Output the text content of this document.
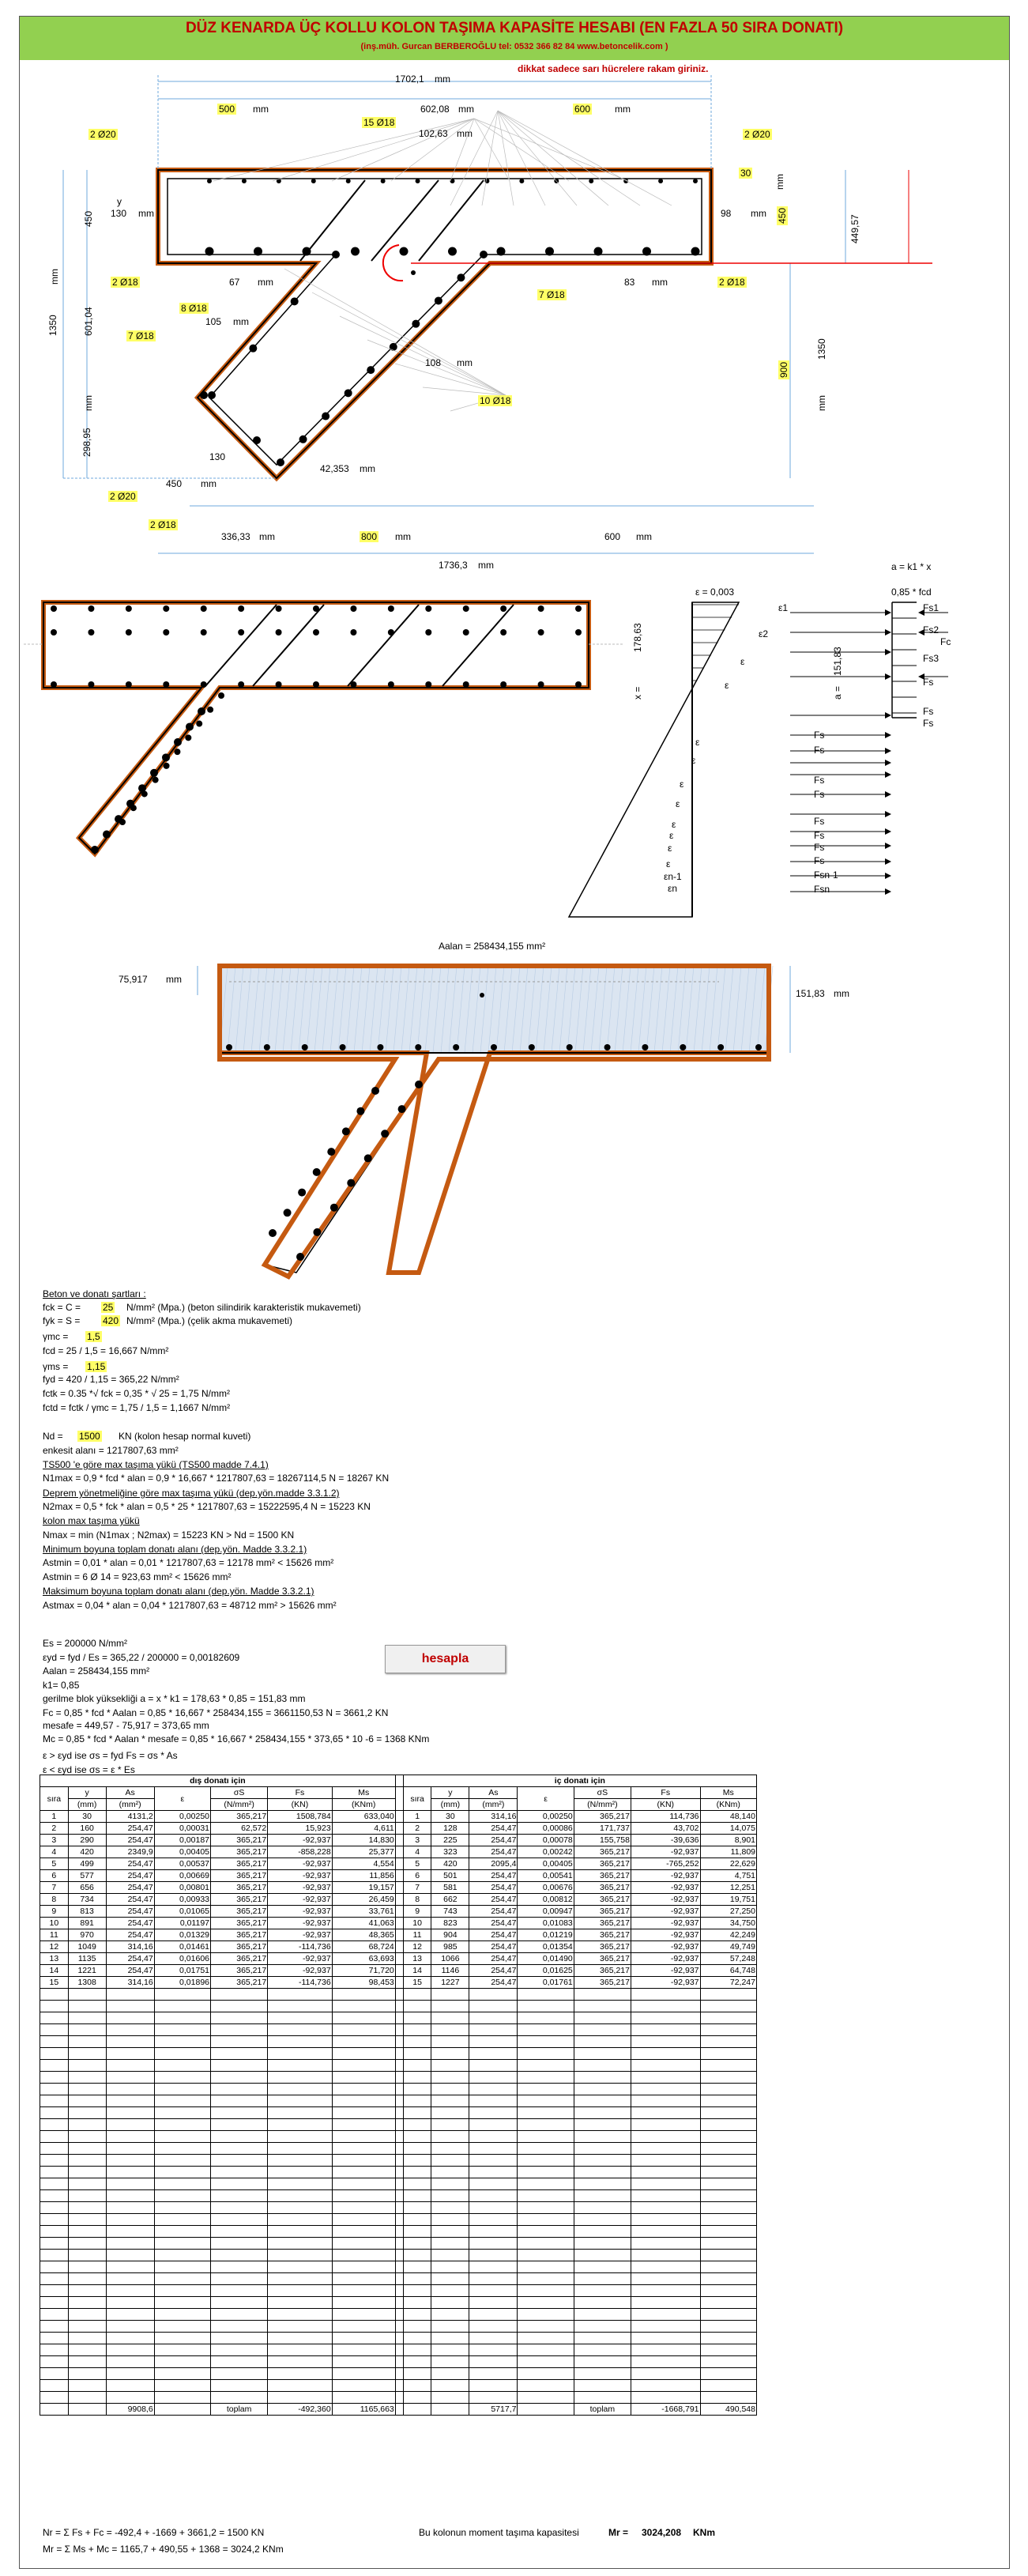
DÜZ KENARDA ÜÇ KOLLU KOLON TAŞIMA KAPASİTE HESABI (EN FAZLA 50 SIRA DONATI)
(inş.müh. Gurcan BERBEROĞLU tel: 0532 366 82 84 www.betoncelik.com )
dikkat sadece sarı hücrelere rakam giriniz.
1702,1 mm
500 mm	602,08 mm	600	mm
15 Ø18
102,63 mm
2 Ø20	2 Ø20
30
mm
450
y
130 mm	98 mm 450	449,57
1350
mm
601,04
2 Ø18	67 mm
8 Ø18
105 mm
7 Ø18
7 Ø18
83 mm	2 Ø18
108 mm
10 Ø18
900
1350
mm
298,95
mm
130
450 mm
42,353 mm
2 Ø20
2 Ø18
336,33 mm	800 mm	600 mm
1736,3 mm
ε = 0,003
a = k1 * x
0,85 * fcd
ε1
ε2
ε
ε
x =
178,63
a =
151,83
Fs1
Fs2
Fc
Fs3
Fs
Fs
Fs
ε
ε
ε
ε
ε
ε
ε
ε
εn-1
εn
Fs
Fs
Fs
Fs
Fs
Fs
Fs
Fs
Fsn-1
Fsn
Aalan = 258434,155 mm²
75,917 mm
151,83 mm
Beton ve donatı şartları :
fck = C =
fyk = S =
γmc =
fcd = 25 / 1,5 = 16,667 N/mm²
γms =
fyd = 420 / 1,15 = 365,22 N/mm²
fctk = 0.35 *√ fck = 0,35 * √ 25 = 1,75 N/mm²
fctd = fctk / γmc = 1,75 / 1,5 = 1,1667 N/mm²
Nd =
enkesit alanı = 1217807,63 mm²
TS500 'e göre max taşıma yükü (TS500 madde 7.4.1)
N1max = 0,9 * fcd * alan = 0,9 * 16,667 * 1217807,63 = 18267114,5 N = 18267 KN
Deprem yönetmeliğine göre max taşıma yükü (dep.yön.madde 3.3.1.2)
N2max = 0,5 * fck * alan = 0,5 * 25 * 1217807,63 = 15222595,4 N = 15223 KN
kolon max taşıma yükü
Nmax = min (N1max ; N2max) = 15223 KN > Nd = 1500 KN
Minimum boyuna toplam donatı alanı (dep.yön. Madde 3.3.2.1)
Astmin = 0,01 * alan = 0,01 * 1217807,63 = 12178 mm² < 15626 mm²
Astmin = 6 Ø 14 = 923,63 mm² < 15626 mm²
Maksimum boyuna toplam donatı alanı (dep.yön. Madde 3.3.2.1)
Astmax = 0,04 * alan = 0,04 * 1217807,63 = 48712 mm² > 15626 mm²
Es = 200000 N/mm²
εyd = fyd / Es = 365,22 / 200000 = 0,00182609
Aalan = 258434,155 mm²
k1= 0,85
gerilme blok yüksekliği a = x * k1 = 178,63 * 0,85 = 151,83 mm
Fc = 0,85 * fcd * Aalan = 0,85 * 16,667 * 258434,155 = 3661150,53 N = 3661,2 KN
mesafe = 449,57 - 75,917 = 373,65 mm
Mc = 0,85 * fcd * Aalan * mesafe = 0,85 * 16,667 * 258434,155 * 373,65 * 10 -6 = 1368 KNm
ε > εyd ise σs = fyd Fs = σs * As
ε < εyd ise σs = ε * Es
25 N/mm² (Mpa.) (beton silindirik karakteristik mukavemeti)
420 N/mm² (Mpa.) (çelik akma mukavemeti)
1,5
1,15
1500 KN (kolon hesap normal kuveti)
hesapla
dış donatı için								iç donatı için						
sıra	y	As	ε	σS	Fs	Ms		sıra	y	As	ε	σS	Fs	Ms
	(mm)	(mm²)		(N/mm²)	(KN)	(KNm)			(mm)	(mm²)		(N/mm²)	(KN)	(KNm)
1	30	4131,2	0,00250	365,217	1508,784	633,040		1	30	314,16	0,00250	365,217	114,736	48,140
2	160	254,47	0,00031	62,572	15,923	4,611		2	128	254,47	0,00086	171,737	43,702	14,075
3	290	254,47	0,00187	365,217	-92,937	14,830		3	225	254,47	0,00078	155,758	-39,636	8,901
4	420	2349,9	0,00405	365,217	-858,228	25,377		4	323	254,47	0,00242	365,217	-92,937	11,809
5	499	254,47	0,00537	365,217	-92,937	4,554		5	420	2095,4	0,00405	365,217	-765,252	22,629
6	577	254,47	0,00669	365,217	-92,937	11,856		6	501	254,47	0,00541	365,217	-92,937	4,751
7	656	254,47	0,00801	365,217	-92,937	19,157		7	581	254,47	0,00676	365,217	-92,937	12,251
8	734	254,47	0,00933	365,217	-92,937	26,459		8	662	254,47	0,00812	365,217	-92,937	19,751
9	813	254,47	0,01065	365,217	-92,937	33,761		9	743	254,47	0,00947	365,217	-92,937	27,250
10	891	254,47	0,01197	365,217	-92,937	41,063		10	823	254,47	0,01083	365,217	-92,937	34,750
11	970	254,47	0,01329	365,217	-92,937	48,365		11	904	254,47	0,01219	365,217	-92,937	42,249
12	1049	314,16	0,01461	365,217	-114,736	68,724		12	985	254,47	0,01354	365,217	-92,937	49,749
13	1135	254,47	0,01606	365,217	-92,937	63,693		13	1066	254,47	0,01490	365,217	-92,937	57,248
14	1221	254,47	0,01751	365,217	-92,937	71,720		14	1146	254,47	0,01625	365,217	-92,937	64,748
15	1308	314,16	0,01896	365,217	-114,736	98,453		15	1227	254,47	0,01761	365,217	-92,937	72,247

		9908,6		toplam	-492,360	1165,663				5717,7		toplam	-1668,791	490,548
Nr = Σ Fs + Fc = -492,4 + -1669 + 3661,2 = 1500 KN
Mr = Σ Ms + Mc = 1165,7 + 490,55 + 1368 = 3024,2 KNm
Bu kolonun moment taşıma kapasitesi	Mr = 3024,208 KNm
